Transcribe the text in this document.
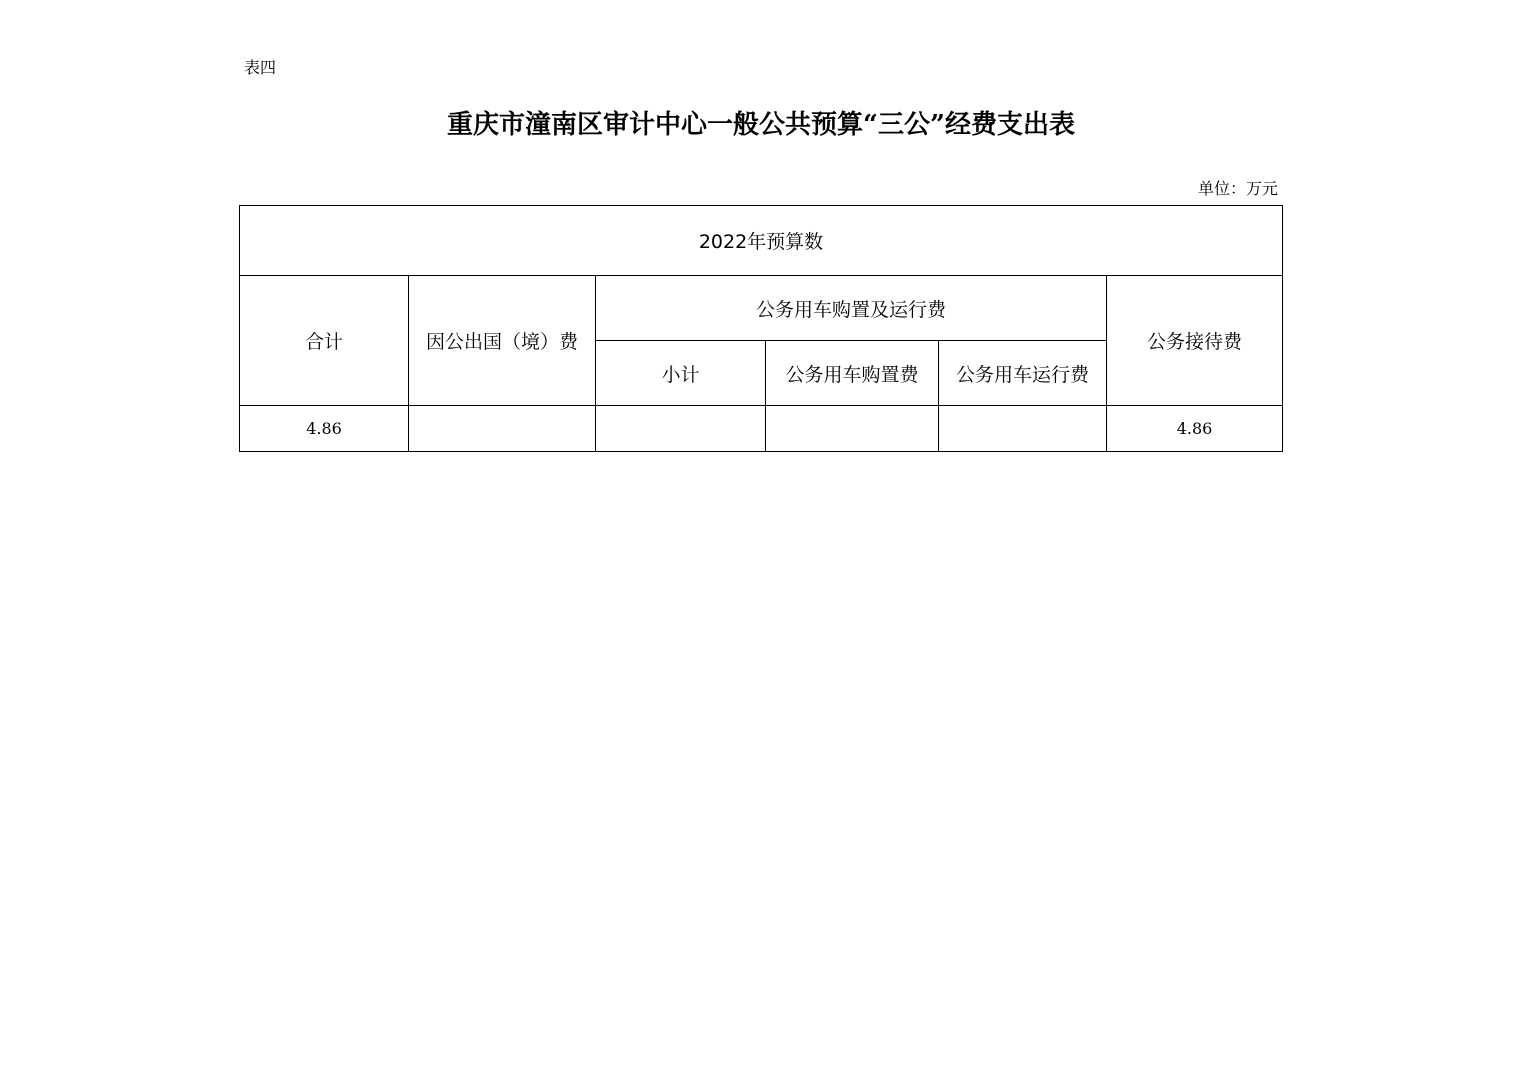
表四
重庆市潼南区审计中心一般公共预算“三公”经费支出表
单位：万元
2022年预算数					
合计	因公出国（境）费	公务用车购置及运行费			公务接待费
		小计	公务用车购置费	公务用车运行费	
4.86					4.86
